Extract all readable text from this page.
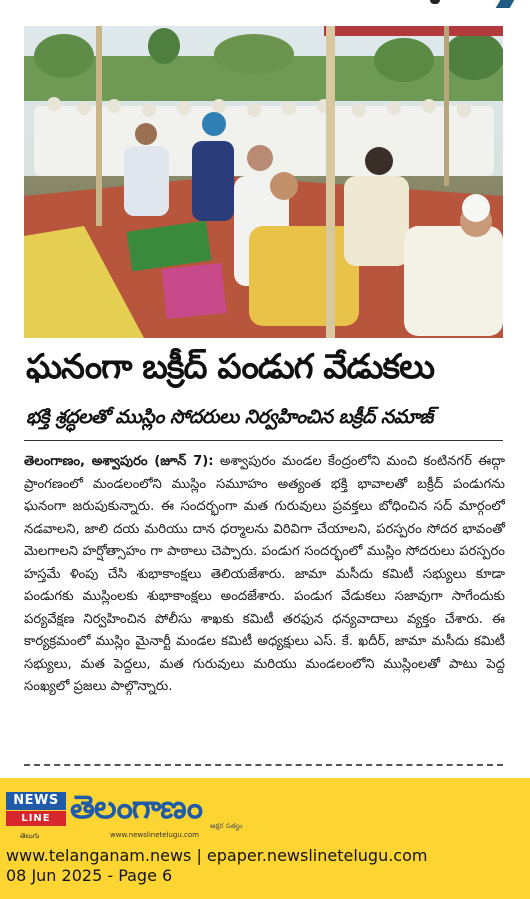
ఘనంగా బక్రీద్ పండుగ వేడుకలు
భక్తి శ్రద్ధలతో ముస్లిం సోదరులు నిర్వహించిన బక్రీద్ నమాజ్
తెలంగాణం, అశ్వాపురం (జూన్ 7): అశ్వాపురం మండల కేంద్రంలోని మంచి కంటినగర్ ఈద్గా ప్రాంగణంలో మండలంలోని ముస్లిం సమూహం అత్యంత భక్తి భావాలతో బక్రీద్ పండుగను ఘనంగా జరుపుకున్నారు. ఈ సందర్భంగా మత గురువులు ప్రవక్తలు బోధించిన సద్ మార్గంలో నడవాలని, జాలి దయ మరియు దాన ధర్మాలను విరివిగా చేయాలని, పరస్పరం సోదర భావంతో మెలగాలని హర్షోత్సాహం గా పాఠాలు చెప్పారు. పండుగ సందర్భంలో ముస్లిం సోదరులు పరస్పరం హస్తమే ళింపు చేసి శుభాకాంక్షలు తెలియజేశారు. జామా మసీదు కమిటీ సభ్యులు కూడా పండుగకు ముస్లింలకు శుభాకాంక్షలు అందజేశారు. పండుగ వేడుకలు సజావుగా సాగేందుకు పర్యవేక్షణ నిర్వహించిన పోలీసు శాఖకు కమిటీ తరఫున ధన్యవాదాలు వ్యక్తం చేశారు. ఈ కార్యక్రమంలో ముస్లిం మైనార్టీ మండల కమిటీ అధ్యక్షులు ఎస్. కే. ఖదీర్, జామా మసీదు కమిటీ సభ్యులు, మత పెద్దలు, మత గురువులు మరియు మండలంలోని ముస్లింలతో పాటు పెద్ద సంఖ్యలో ప్రజలు పాల్గొన్నారు.
NEWS
LINE
తెలుగు
తెలంగాణం అక్షర సత్యం
www.newslinetelugu.com
www.telanganam.news | epaper.newslinetelugu.com
08 Jun 2025 - Page 6
